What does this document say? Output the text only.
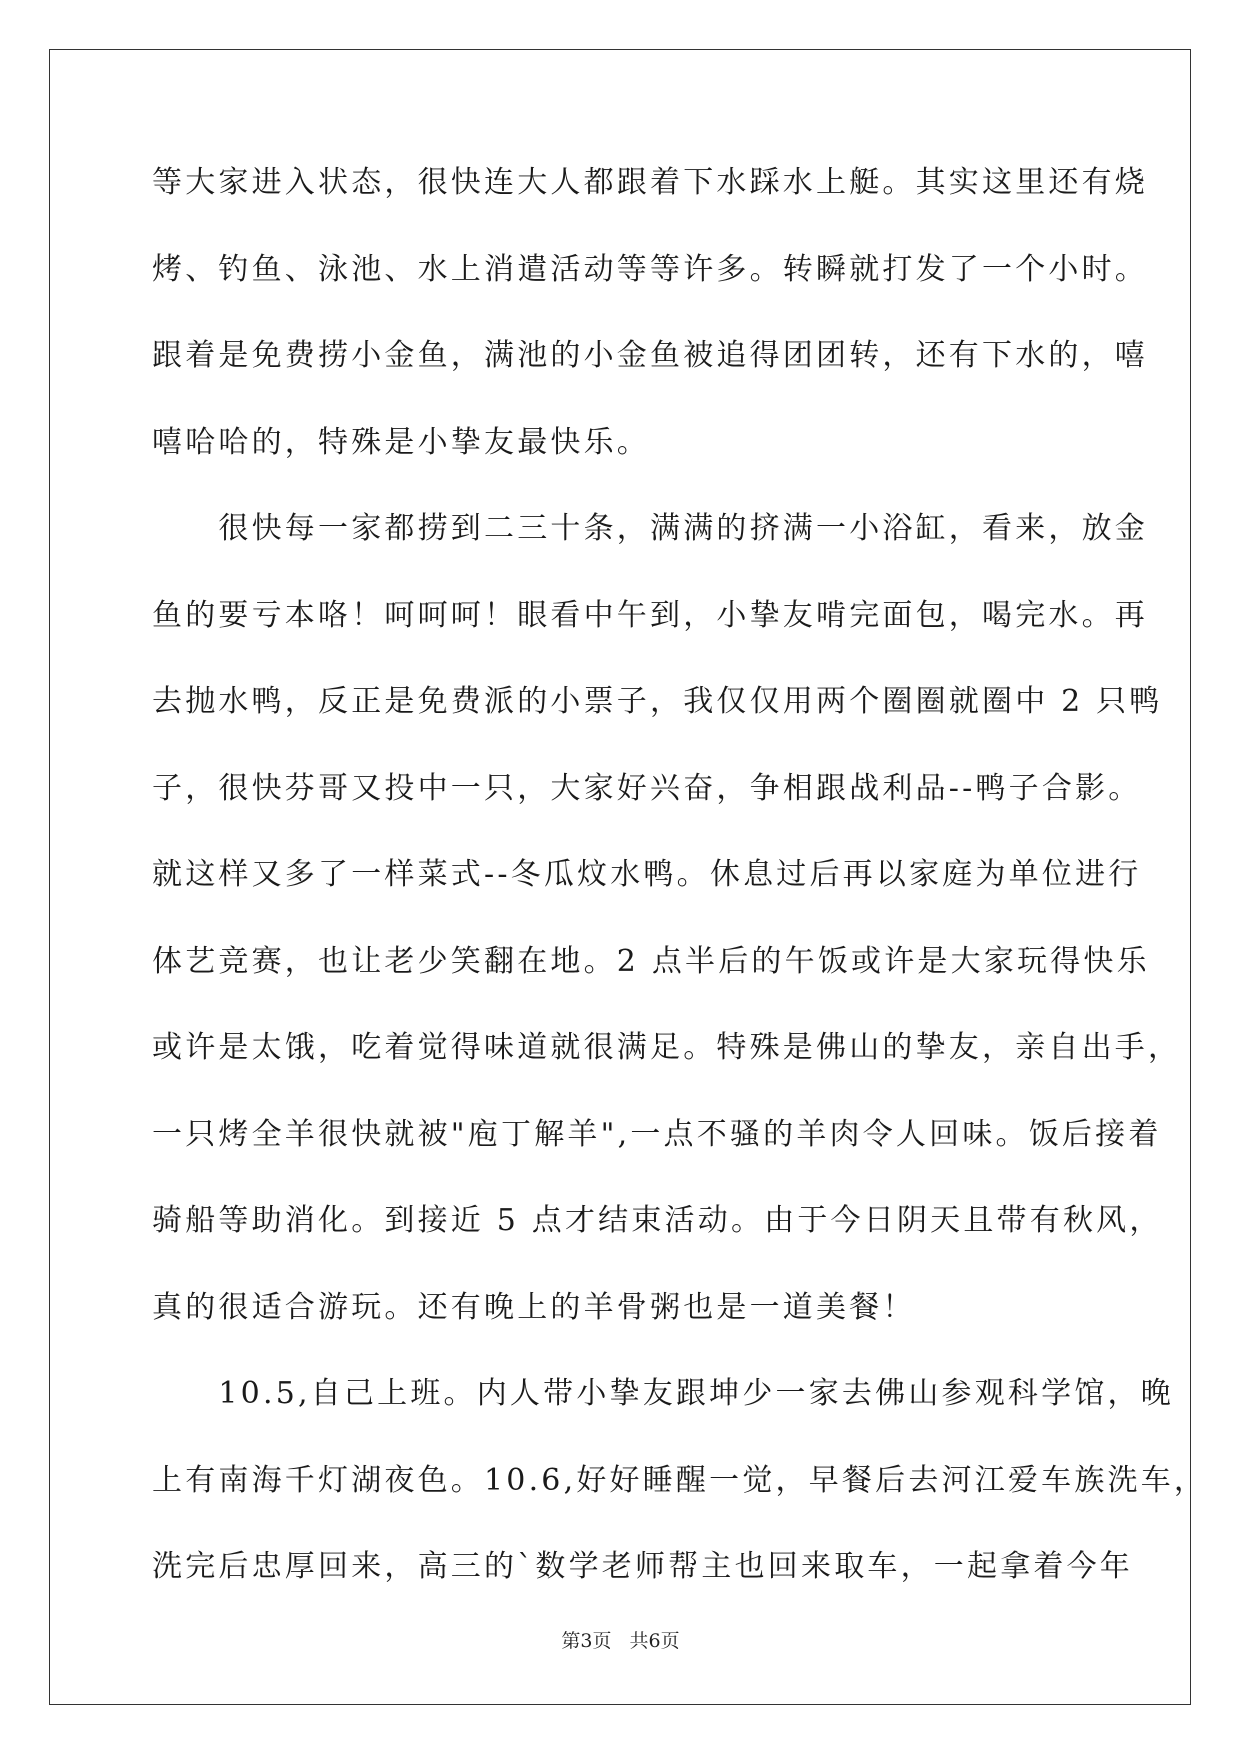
等大家进入状态，很快连大人都跟着下水踩水上艇。其实这里还有烧
烤、钓鱼、泳池、水上消遣活动等等许多。转瞬就打发了一个小时。
跟着是免费捞小金鱼，满池的小金鱼被追得团团转，还有下水的，嘻
嘻哈哈的，特殊是小挚友最快乐。
　　很快每一家都捞到二三十条，满满的挤满一小浴缸，看来，放金
鱼的要亏本咯！呵呵呵！眼看中午到，小挚友啃完面包，喝完水。再
去抛水鸭，反正是免费派的小票子，我仅仅用两个圈圈就圈中 2 只鸭
子，很快芬哥又投中一只，大家好兴奋，争相跟战利品--鸭子合影。
就这样又多了一样菜式--冬瓜炆水鸭。休息过后再以家庭为单位进行
体艺竞赛，也让老少笑翻在地。2 点半后的午饭或许是大家玩得快乐
或许是太饿，吃着觉得味道就很满足。特殊是佛山的挚友，亲自出手，
一只烤全羊很快就被"庖丁解羊",一点不骚的羊肉令人回味。饭后接着
骑船等助消化。到接近 5 点才结束活动。由于今日阴天且带有秋风，
真的很适合游玩。还有晚上的羊骨粥也是一道美餐！
　　10.5,自己上班。内人带小挚友跟坤少一家去佛山参观科学馆，晚
上有南海千灯湖夜色。10.6,好好睡醒一觉，早餐后去河江爱车族洗车，
洗完后忠厚回来，高三的`数学老师帮主也回来取车，一起拿着今年
第3页 共6页
